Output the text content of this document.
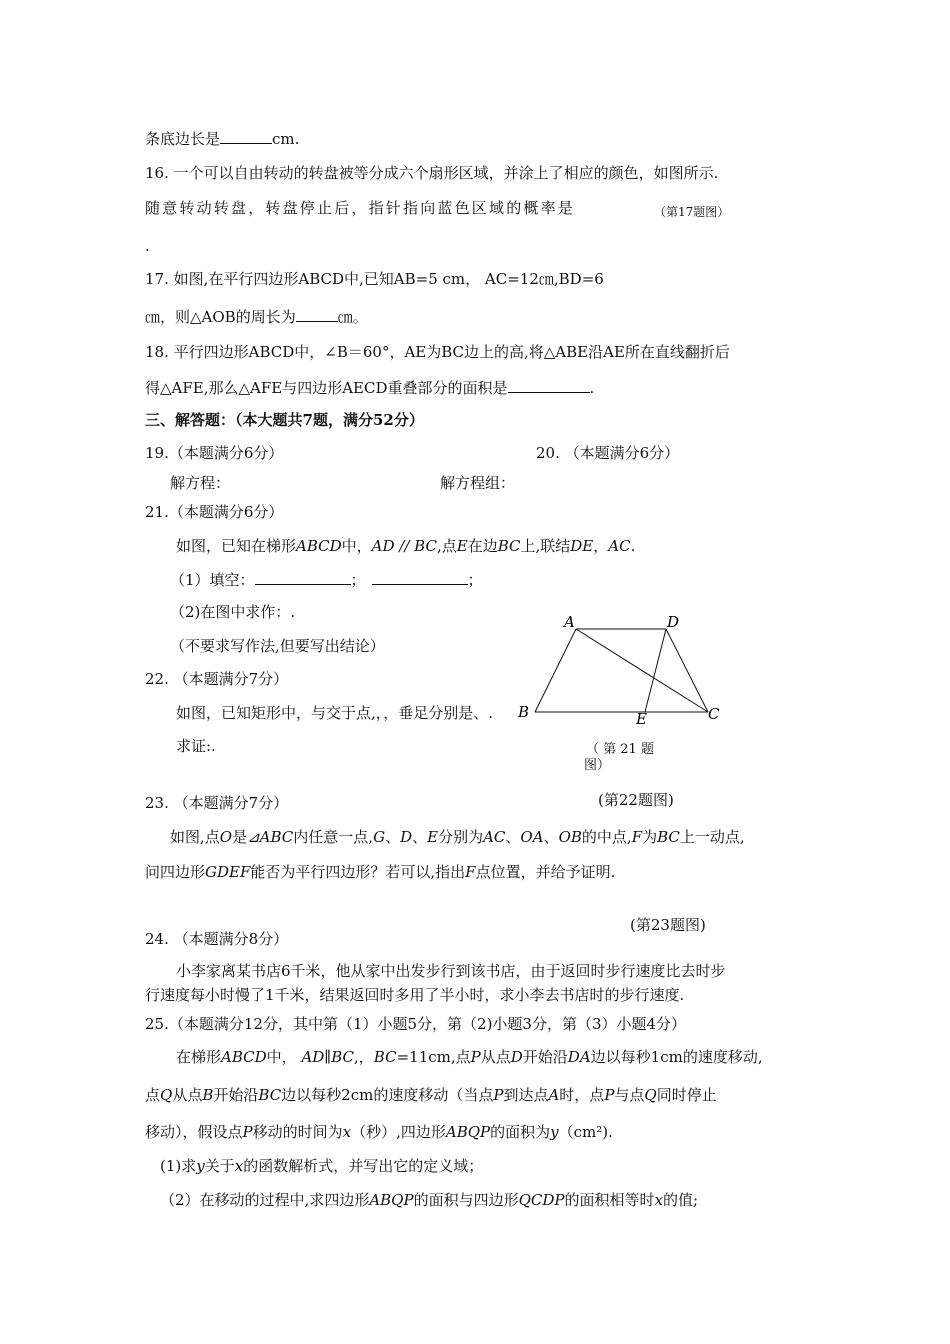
条底边长是	cm.
16. 一个可以自由转动的转盘被等分成六个扇形区域，并涂上了相应的颜色，如图所示.
随意转动转盘，转盘停止后，指针指向蓝色区域的概率是	（第17题图）
.
17. 如图,在平行四边形ABCD中,已知AB=5 cm， AC=12㎝,BD=6
㎝，则△AOB的周长为	㎝。
18. 平行四边形ABCD中，∠B＝60°，AE为BC边上的高,将△ABE沿AE所在直线翻折后
得△AFE,那么△AFE与四边形AECD重叠部分的面积是	.
三、解答题：（本大题共7题，满分52分）
19.（本题满分6分）	20. （本题满分6分）
解方程：	解方程组：
21.（本题满分6分）
如图，已知在梯形ABCD中，AD // BC,点E在边BC上,联结DE，AC.
（1）填空：	；	；
（2)在图中求作：.
（不要求写作法,但要写出结论）
A	D
B	E	C
（ 第 21 题
图）
22. （本题满分7分）
如图，已知矩形中，与交于点,，，垂足分别是、.
求证:.
(第22题图)
23. （本题满分7分）
如图,点O是⊿ABC内任意一点,G、D、E分别为AC、OA、OB的中点,F为BC上一动点,
问四边形GDEF能否为平行四边形？若可以,指出F点位置，并给予证明.
(第23题图)
24. （本题满分8分）
小李家离某书店6千米，他从家中出发步行到该书店，由于返回时步行速度比去时步
行速度每小时慢了1千米，结果返回时多用了半小时，求小李去书店时的步行速度.
25.（本题满分12分，其中第（1）小题5分，第（2)小题3分，第（3）小题4分）
在梯形ABCD中， AD∥BC,，BC=11cm,点P从点D开始沿DA边以每秒1cm的速度移动,
点Q从点B开始沿BC边以每秒2cm的速度移动（当点P到达点A时，点P与点Q同时停止
移动），假设点P移动的时间为x（秒）,四边形ABQP的面积为y（cm²).
(1)求y关于x的函数解析式，并写出它的定义域；
（2）在移动的过程中,求四边形ABQP的面积与四边形QCDP的面积相等时x的值;
